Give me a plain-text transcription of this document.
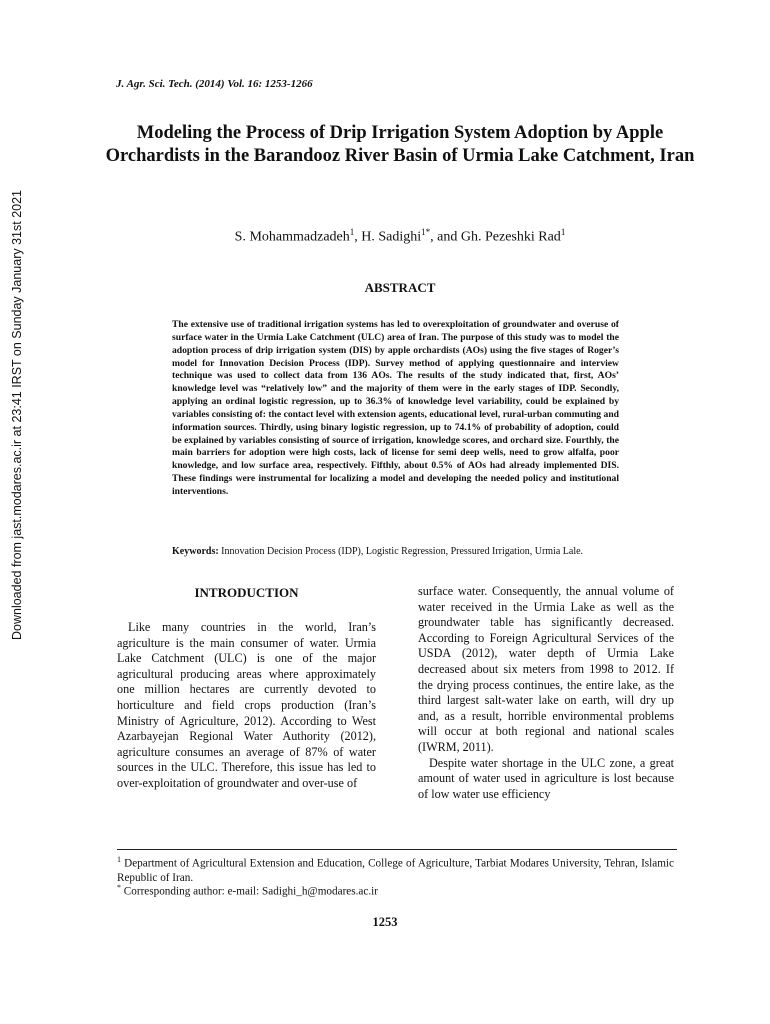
Downloaded from jast.modares.ac.ir at 23:41 IRST on Sunday January 31st 2021
J. Agr. Sci. Tech. (2014) Vol. 16: 1253-1266
Modeling the Process of Drip Irrigation System Adoption by Apple Orchardists in the Barandooz River Basin of Urmia Lake Catchment, Iran
S. Mohammadzadeh$^1$, H. Sadighi$^{1*}$, and Gh. Pezeshki Rad$^1$
ABSTRACT
The extensive use of traditional irrigation systems has led to overexploitation of groundwater and overuse of surface water in the Urmia Lake Catchment (ULC) area of Iran. The purpose of this study was to model the adoption process of drip irrigation system (DIS) by apple orchardists (AOs) using the five stages of Roger’s model for Innovation Decision Process (IDP). Survey method of applying questionnaire and interview technique was used to collect data from 136 AOs. The results of the study indicated that, first, AOs’ knowledge level was “relatively low” and the majority of them were in the early stages of IDP. Secondly, applying an ordinal logistic regression, up to 36.3% of knowledge level variability, could be explained by variables consisting of: the contact level with extension agents, educational level, rural-urban commuting and information sources. Thirdly, using binary logistic regression, up to 74.1% of probability of adoption, could be explained by variables consisting of source of irrigation, knowledge scores, and orchard size. Fourthly, the main barriers for adoption were high costs, lack of license for semi deep wells, need to grow alfalfa, poor knowledge, and low surface area, respectively. Fifthly, about 0.5% of AOs had already implemented DIS. These findings were instrumental for localizing a model and developing the needed policy and institutional interventions.
Keywords: Innovation Decision Process (IDP), Logistic Regression, Pressured Irrigation, Urmia Lale.
INTRODUCTION

Like many countries in the world, Iran’s agriculture is the main consumer of water. Urmia Lake Catchment (ULC) is one of the major agricultural producing areas where approximately one million hectares are currently devoted to horticulture and field crops production (Iran’s Ministry of Agriculture, 2012). According to West Azarbayejan Regional Water Authority (2012), agriculture consumes an average of 87% of water sources in the ULC. Therefore, this issue has led to over-exploitation of groundwater and over-use of

surface water. Consequently, the annual volume of water received in the Urmia Lake as well as the groundwater table has significantly decreased. According to Foreign Agricultural Services of the USDA (2012), water depth of Urmia Lake decreased about six meters from 1998 to 2012. If the drying process continues, the entire lake, as the third largest salt-water lake on earth, will dry up and, as a result, horrible environmental problems will occur at both regional and national scales (IWRM, 2011).

Despite water shortage in the ULC zone, a great amount of water used in agriculture is lost because of low water use efficiency

$^1$ Department of Agricultural Extension and Education, College of Agriculture, Tarbiat Modares University, Tehran, Islamic Republic of Iran.
* Corresponding author: e-mail: Sadighi_h@modares.ac.ir
1253
